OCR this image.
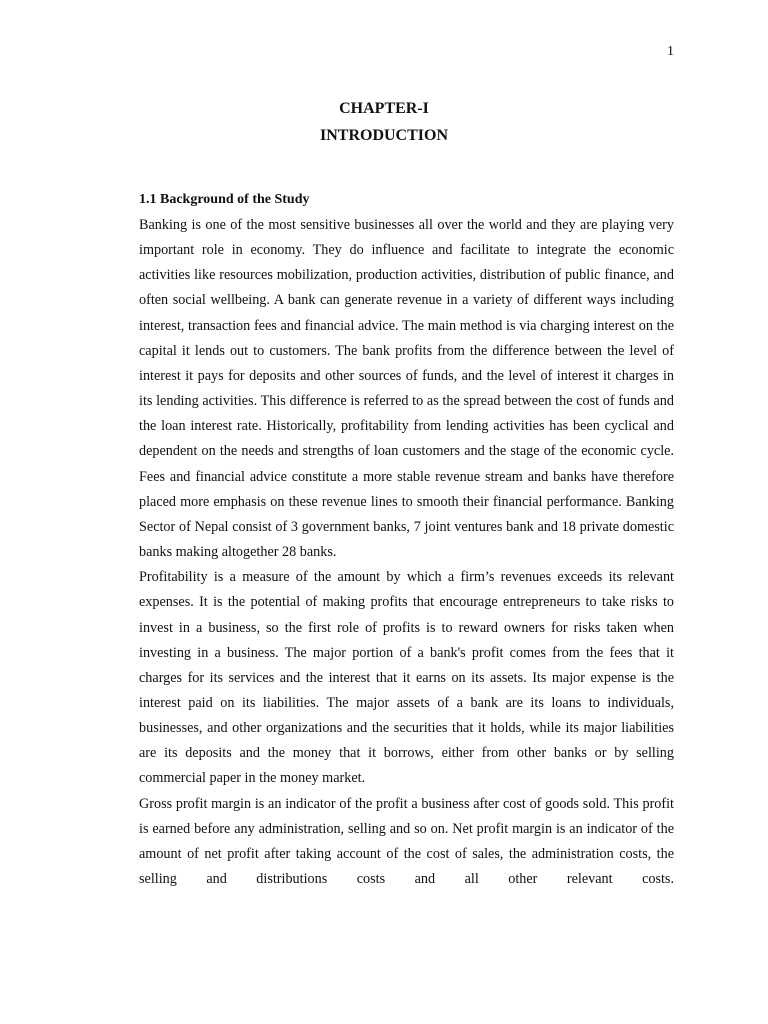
1
CHAPTER-I
INTRODUCTION
1.1 Background of the Study

Banking is one of the most sensitive businesses all over the world and they are playing very important role in economy. They do influence and facilitate to integrate the economic activities like resources mobilization, production activities, distribution of public finance, and often social wellbeing. A bank can generate revenue in a variety of different ways including interest, transaction fees and financial advice. The main method is via charging interest on the capital it lends out to customers. The bank profits from the difference between the level of interest it pays for deposits and other sources of funds, and the level of interest it charges in its lending activities. This difference is referred to as the spread between the cost of funds and the loan interest rate. Historically, profitability from lending activities has been cyclical and dependent on the needs and strengths of loan customers and the stage of the economic cycle. Fees and financial advice constitute a more stable revenue stream and banks have therefore placed more emphasis on these revenue lines to smooth their financial performance. Banking Sector of Nepal consist of 3 government banks, 7 joint ventures bank and 18 private domestic banks making altogether 28 banks.

Profitability is a measure of the amount by which a firm’s revenues exceeds its relevant expenses. It is the potential of making profits that encourage entrepreneurs to take risks to invest in a business, so the first role of profits is to reward owners for risks taken when investing in a business. The major portion of a bank's profit comes from the fees that it charges for its services and the interest that it earns on its assets. Its major expense is the interest paid on its liabilities. The major assets of a bank are its loans to individuals, businesses, and other organizations and the securities that it holds, while its major liabilities are its deposits and the money that it borrows, either from other banks or by selling commercial paper in the money market.

Gross profit margin is an indicator of the profit a business after cost of goods sold. This profit is earned before any administration, selling and so on. Net profit margin is an indicator of the amount of net profit after taking account of the cost of sales, the administration costs, the selling and distributions costs and all other relevant costs.
